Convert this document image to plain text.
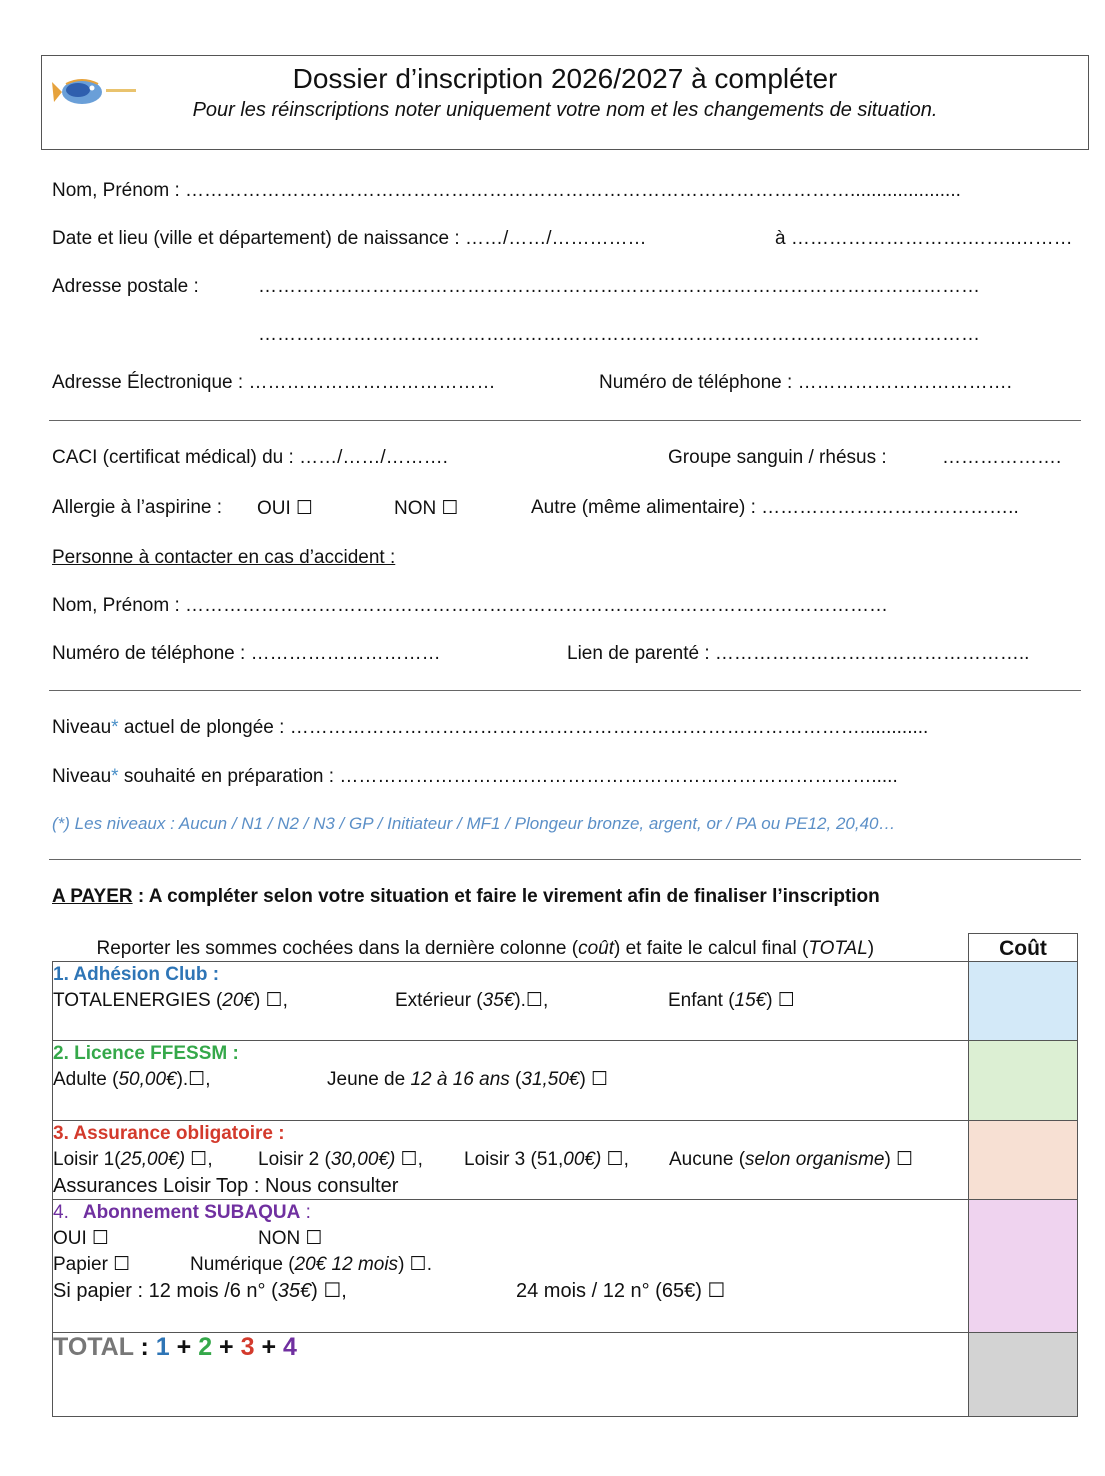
Dossier d’inscription 2026/2027 à compléter
Pour les réinscriptions noter uniquement votre nom et les changements de situation.
Nom, Prénom : …………………………………………………………………………………………….....................
Date et lieu (ville et département) de naissance : ……/……/……………	à ……………………….……..………
Adresse postale :	……………………………………………………………………………………………………
……………………………………………………………………………………………………
Adresse Électronique : …………………………………	Numéro de téléphone : …………………………….
CACI (certificat médical) du : ……/……/……….	Groupe sanguin / rhésus :	……………….
Allergie à l’aspirine : OUI ☐	NON ☐	Autre (même alimentaire) : …………………………………..
Personne à contacter en cas d’accident :
Nom, Prénom : …………………………………………………………………………………………………
Numéro de téléphone : …………………………	Lien de parenté : …………………………………………..
Niveau* actuel de plongée : ……………………………………………………………………………….............
Niveau* souhaité en préparation : ………………………………………………………………………….....
(*) Les niveaux : Aucun / N1 / N2 / N3 / GP / Initiateur / MF1 / Plongeur bronze, argent, or / PA ou PE12, 20,40…
A PAYER : A compléter selon votre situation et faire le virement afin de finaliser l’inscription
Reporter les sommes cochées dans la dernière colonne (coût) et faite le calcul final (TOTAL)	Coût

1. Adhésion Club :
TOTALENERGIES (20€) ☐, Extérieur (35€).☐, Enfant (15€) ☐	

2. Licence FFESSM :
Adulte (50,00€).☐, Jeune de 12 à 16 ans (31,50€) ☐	

3. Assurance obligatoire :
Loisir 1(25,00€) ☐, Loisir 2 (30,00€) ☐, Loisir 3 (51,00€) ☐, Aucune (selon organisme) ☐
Assurances Loisir Top : Nous consulter	

4. Abonnement SUBAQUA :
OUI ☐ NON ☐
Papier ☐ Numérique (20€ 12 mois) ☐.
Si papier : 12 mois /6 n° (35€) ☐, 24 mois / 12 n° (65€) ☐	

TOTAL : 1 + 2 + 3 + 4	
